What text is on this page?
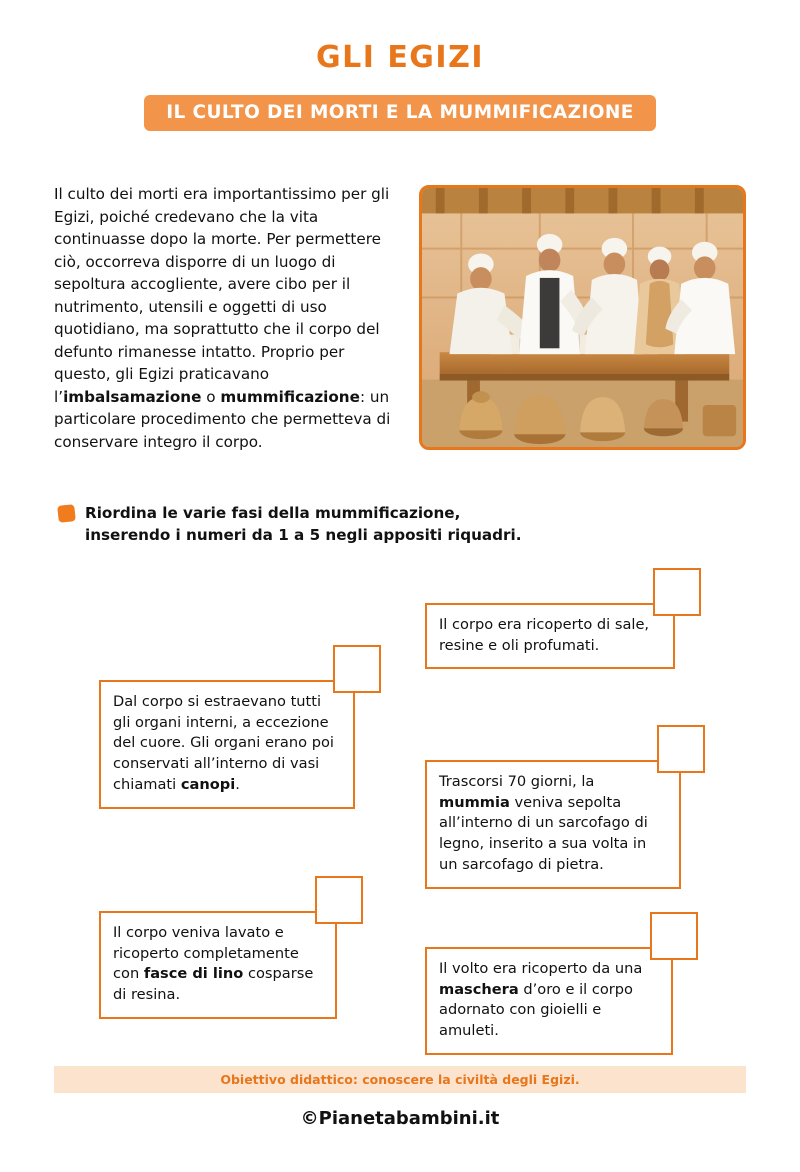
GLI EGIZI
IL CULTO DEI MORTI E LA MUMMIFICAZIONE
Il culto dei morti era importantissimo per gli Egizi, poiché credevano che la vita continuasse dopo la morte. Per permettere ciò, occorreva disporre di un luogo di sepoltura accogliente, avere cibo per il nutrimento, utensili e oggetti di uso quotidiano, ma soprattutto che il corpo del defunto rimanesse intatto. Proprio per questo, gli Egizi praticavano l’imbalsamazione o mummificazione: un particolare procedimento che permetteva di conservare integro il corpo.
Riordina le varie fasi della mummificazione,
inserendo i numeri da 1 a 5 negli appositi riquadri.
Il corpo era ricoperto di sale, resine e oli profumati.
Dal corpo si estraevano tutti gli organi interni, a eccezione del cuore. Gli organi erano poi conservati all’interno di vasi chiamati canopi.	Trascorsi 70 giorni, la mummia veniva sepolta all’interno di un sarcofago di legno, inserito a sua volta in un sarcofago di pietra.
Il corpo veniva lavato e ricoperto completamente con fasce di lino cosparse di resina.
Il volto era ricoperto da una maschera d’oro e il corpo adornato con gioielli e amuleti.
Obiettivo didattico: conoscere la civiltà degli Egizi.
©Pianetabambini.it
